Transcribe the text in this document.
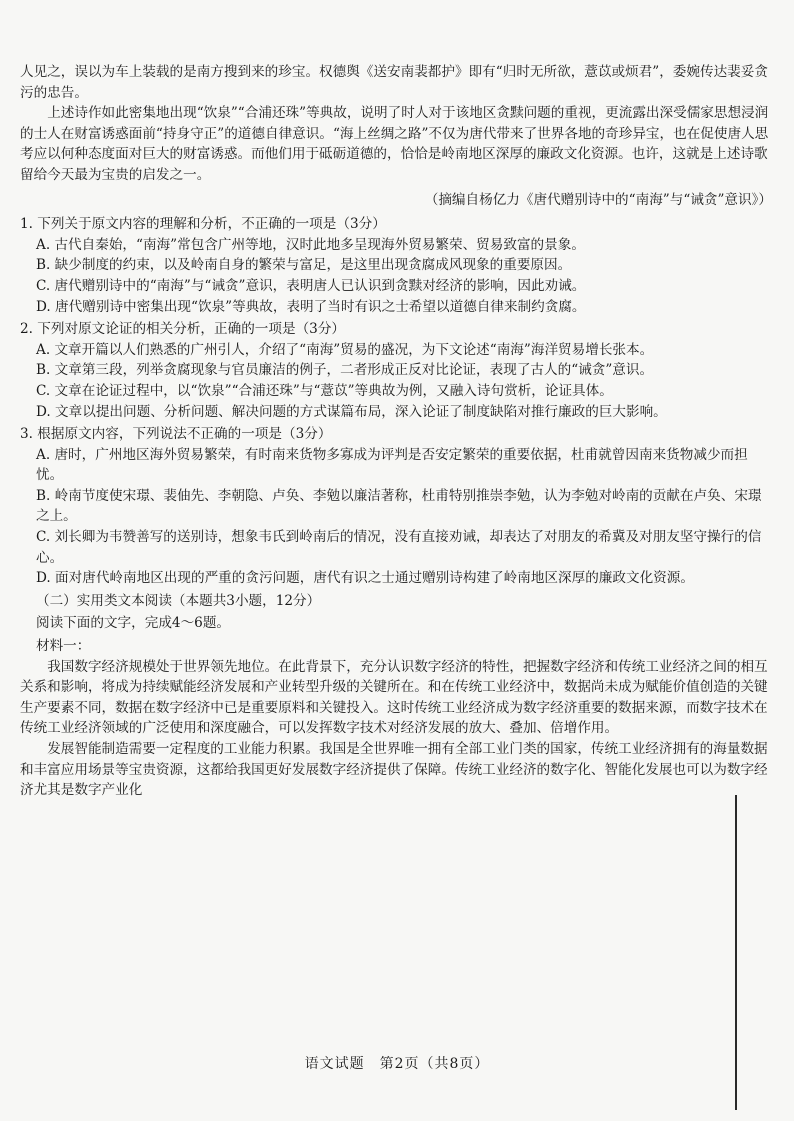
人见之，误以为车上装载的是南方搜到来的珍宝。权德舆《送安南裴都护》即有“归时无所欲，薏苡或烦君”，委婉传达裴妥贪污的忠告。

上述诗作如此密集地出现“饮泉”“合浦还珠”等典故，说明了时人对于该地区贪黩问题的重视，更流露出深受儒家思想浸润的士人在财富诱惑面前“持身守正”的道德自律意识。“海上丝绸之路”不仅为唐代带来了世界各地的奇珍异宝，也在促使唐人思考应以何种态度面对巨大的财富诱惑。而他们用于砥砺道德的，恰恰是岭南地区深厚的廉政文化资源。也许，这就是上述诗歌留给今天最为宝贵的启发之一。

（摘编自杨亿力《唐代赠别诗中的“南海”与“诫贪”意识》）

1. 下列关于原文内容的理解和分析，不正确的一项是（3分）

A. 古代自秦始，“南海”常包含广州等地，汉时此地多呈现海外贸易繁荣、贸易致富的景象。

B. 缺少制度的约束，以及岭南自身的繁荣与富足，是这里出现贪腐成风现象的重要原因。

C. 唐代赠别诗中的“南海”与“诫贪”意识，表明唐人已认识到贪黩对经济的影响，因此劝诫。

D. 唐代赠别诗中密集出现“饮泉”等典故，表明了当时有识之士希望以道德自律来制约贪腐。

2. 下列对原文论证的相关分析，正确的一项是（3分）

A. 文章开篇以人们熟悉的广州引人，介绍了“南海”贸易的盛况，为下文论述“南海”海洋贸易增长张本。

B. 文章第三段，列举贪腐现象与官员廉洁的例子，二者形成正反对比论证，表现了古人的“诫贪”意识。

C. 文章在论证过程中，以“饮泉”“合浦还珠”与“薏苡”等典故为例，又融入诗句赏析，论证具体。

D. 文章以提出问题、分析问题、解决问题的方式谋篇布局，深入论证了制度缺陷对推行廉政的巨大影响。

3. 根据原文内容，下列说法不正确的一项是（3分）

A. 唐时，广州地区海外贸易繁荣，有时南来货物多寡成为评判是否安定繁荣的重要依据，杜甫就曾因南来货物减少而担忧。

B. 岭南节度使宋璟、裴伷先、李朝隐、卢奂、李勉以廉洁著称，杜甫特别推崇李勉，认为李勉对岭南的贡献在卢奂、宋璟之上。

C. 刘长卿为韦赞善写的送别诗，想象韦氏到岭南后的情况，没有直接劝诫，却表达了对朋友的希冀及对朋友坚守操行的信心。

D. 面对唐代岭南地区出现的严重的贪污问题，唐代有识之士通过赠别诗构建了岭南地区深厚的廉政文化资源。

（二）实用类文本阅读（本题共3小题，12分）

阅读下面的文字，完成4～6题。

材料一：

我国数字经济规模处于世界领先地位。在此背景下，充分认识数字经济的特性，把握数字经济和传统工业经济之间的相互关系和影响，将成为持续赋能经济发展和产业转型升级的关键所在。和在传统工业经济中，数据尚未成为赋能价值创造的关键生产要素不同，数据在数字经济中已是重要原料和关键投入。这时传统工业经济成为数字经济重要的数据来源，而数字技术在传统工业经济领域的广泛使用和深度融合，可以发挥数字技术对经济发展的放大、叠加、倍增作用。

发展智能制造需要一定程度的工业能力积累。我国是全世界唯一拥有全部工业门类的国家，传统工业经济拥有的海量数据和丰富应用场景等宝贵资源，这都给我国更好发展数字经济提供了保障。传统工业经济的数字化、智能化发展也可以为数字经济尤其是数字产业化

语文试题　第2页（共8页）
